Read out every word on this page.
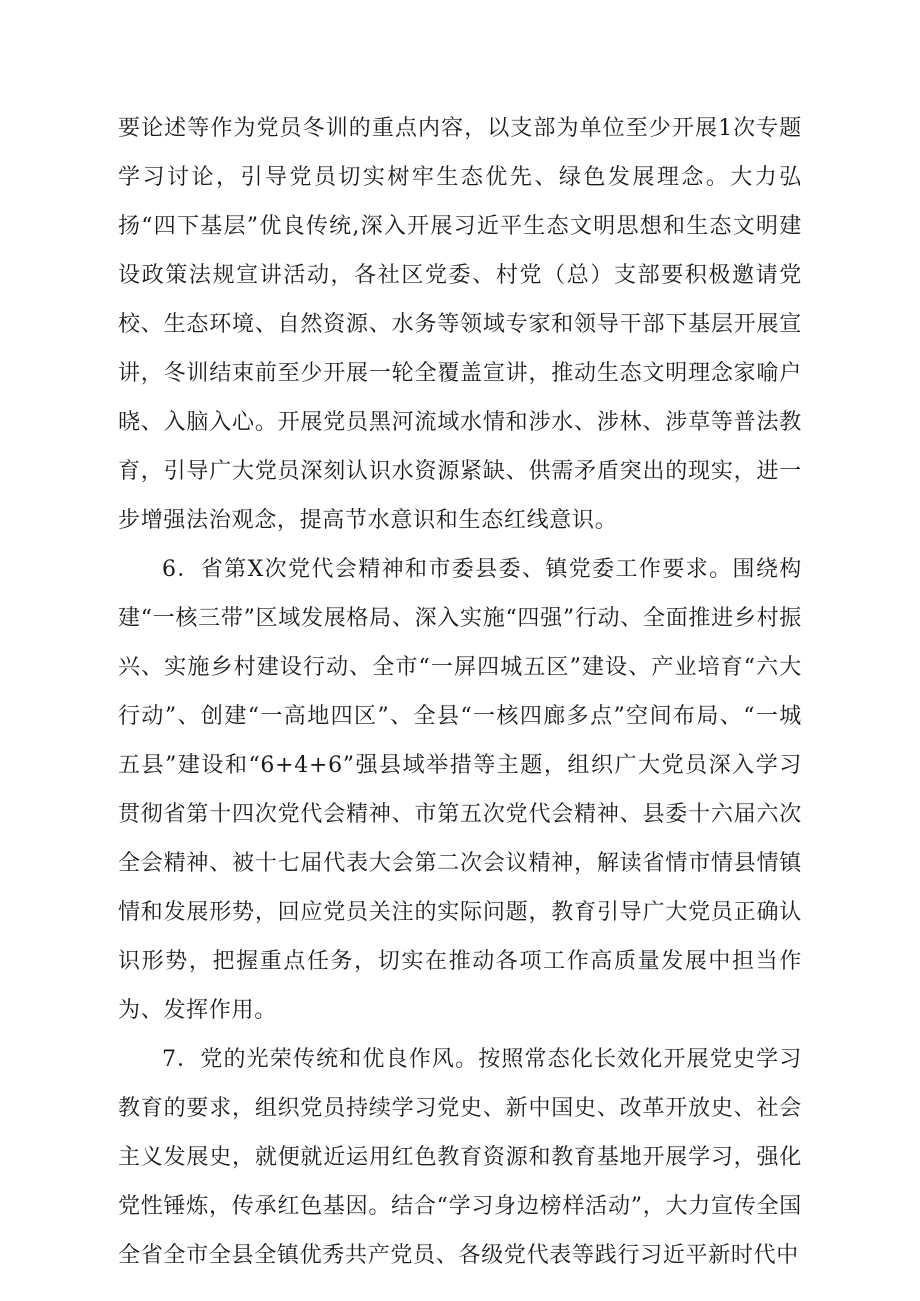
要论述等作为党员冬训的重点内容，以支部为单位至少开展1次专题学习讨论，引导党员切实树牢生态优先、绿色发展理念。大力弘扬“四下基层”优良传统,深入开展习近平生态文明思想和生态文明建设政策法规宣讲活动，各社区党委、村党（总）支部要积极邀请党校、生态环境、自然资源、水务等领域专家和领导干部下基层开展宣讲，冬训结束前至少开展一轮全覆盖宣讲，推动生态文明理念家喻户晓、入脑入心。开展党员黑河流域水情和涉水、涉林、涉草等普法教育，引导广大党员深刻认识水资源紧缺、供需矛盾突出的现实，进一步增强法治观念，提高节水意识和生态红线意识。

6．省第X次党代会精神和市委县委、镇党委工作要求。围绕构建“一核三带”区域发展格局、深入实施“四强”行动、全面推进乡村振兴、实施乡村建设行动、全市“一屏四城五区”建设、产业培育“六大行动”、创建“一高地四区”、全县“一核四廊多点”空间布局、“一城五县”建设和“6+4+6”强县域举措等主题，组织广大党员深入学习贯彻省第十四次党代会精神、市第五次党代会精神、县委十六届六次全会精神、被十七届代表大会第二次会议精神，解读省情市情县情镇情和发展形势，回应党员关注的实际问题，教育引导广大党员正确认识形势，把握重点任务，切实在推动各项工作高质量发展中担当作为、发挥作用。

7．党的光荣传统和优良作风。按照常态化长效化开展党史学习教育的要求，组织党员持续学习党史、新中国史、改革开放史、社会主义发展史，就便就近运用红色教育资源和教育基地开展学习，强化党性锤炼，传承红色基因。结合“学习身边榜样活动”，大力宣传全国全省全市全县全镇优秀共产党员、各级党代表等践行习近平新时代中
